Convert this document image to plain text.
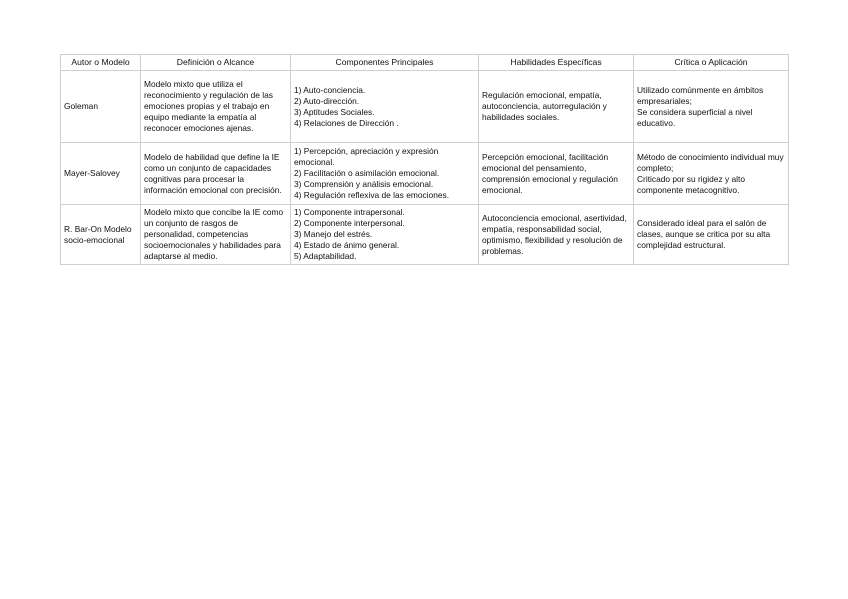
Autor o Modelo	Definición o Alcance	Componentes Principales	Habilidades Específicas	Crítica o Aplicación
Goleman	Modelo mixto que utiliza el reconocimiento y regulación de las emociones propias y el trabajo en equipo mediante la empatía al reconocer emociones ajenas.	1) Auto-conciencia.
2) Auto-dirección.
3) Aptitudes Sociales.
4) Relaciones de Dirección .	Regulación emocional, empatía, autoconciencia, autorregulación y habilidades sociales.	Utilizado comúnmente en ámbitos empresariales;
Se considera superficial a nivel educativo.

Mayer-Salovey	Modelo de habilidad que define la IE como un conjunto de capacidades cognitivas para procesar la información emocional con precisión.	1) Percepción, apreciación y expresión emocional.
2) Facilitación o asimilación emocional.
3) Comprensión y análisis emocional.
4) Regulación reflexiva de las emociones.	Percepción emocional, facilitación emocional del pensamiento, comprensión emocional y regulación emocional.	Método de conocimiento individual muy completo;
Criticado por su rigidez y alto componente metacognitivo.

R. Bar-On Modelo socio-emocional	Modelo mixto que concibe la IE como un conjunto de rasgos de personalidad, competencias socioemocionales y habilidades para adaptarse al medio.	1) Componente intrapersonal.
2) Componente interpersonal.
3) Manejo del estrés.
4) Estado de ánimo general.
5) Adaptabilidad.	Autoconciencia emocional, asertividad, empatía, responsabilidad social, optimismo, flexibilidad y resolución de problemas.	Considerado ideal para el salón de clases, aunque se critica por su alta complejidad estructural.
